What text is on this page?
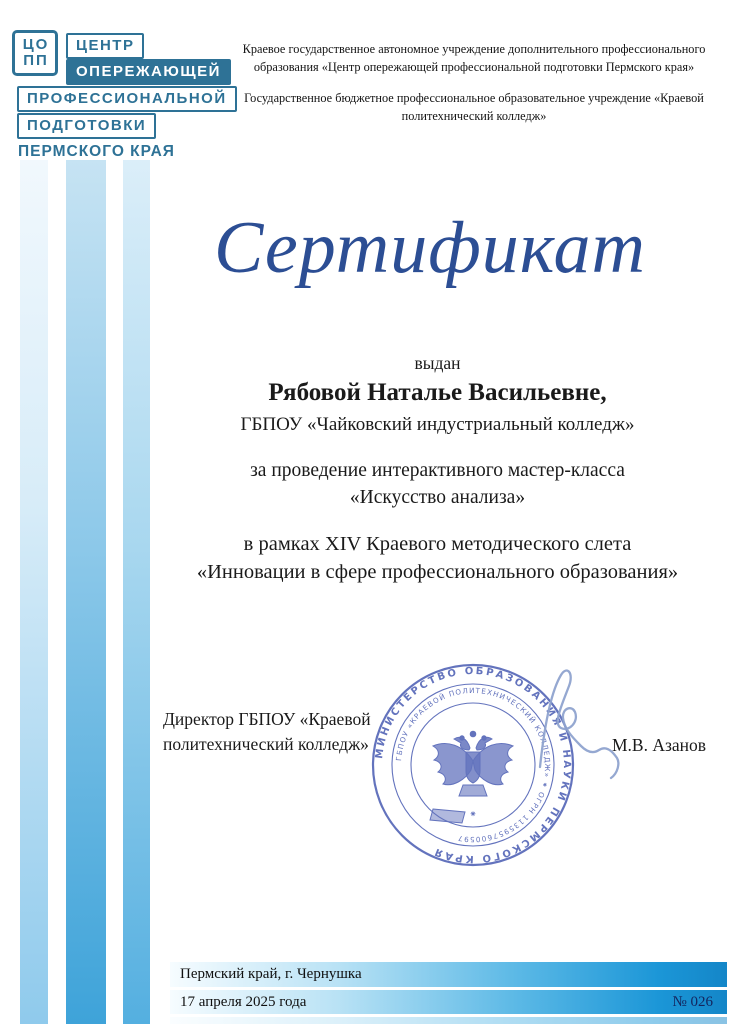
ЦО
ПП
ЦЕНТР
ОПЕРЕЖАЮЩЕЙ
ПРОФЕССИОНАЛЬНОЙ
ПОДГОТОВКИ
ПЕРМСКОГО КРАЯ

Краевое государственное автономное учреждение дополнительного профессионального образования «Центр опережающей профессиональной подготовки Пермского края»

Государственное бюджетное профессиональное образовательное учреждение «Краевой политехнический колледж»

Сертификат

выдан

Рябовой Наталье Васильевне,

ГБПОУ «Чайковский индустриальный колледж»

за проведение интерактивного мастер-класса

«Искусство анализа»

в рамках XIV Краевого методического слета

«Инновации в сфере профессионального образования»

Директор ГБПОУ «Краевой
политехнический колледж» МИНИСТЕРСТВО ОБРАЗОВАНИЯ И НАУКИ ПЕРМСКОГО КРАЯ
ГБПОУ «КРАЕВОЙ ПОЛИТЕХНИЧЕСКИЙ КОЛЛЕДЖ» ⁕ ОГРН 1135957600597
⁕
М.В. Азанов
Пермский край, г. Чернушка
17 апреля 2025 года	№ 026
